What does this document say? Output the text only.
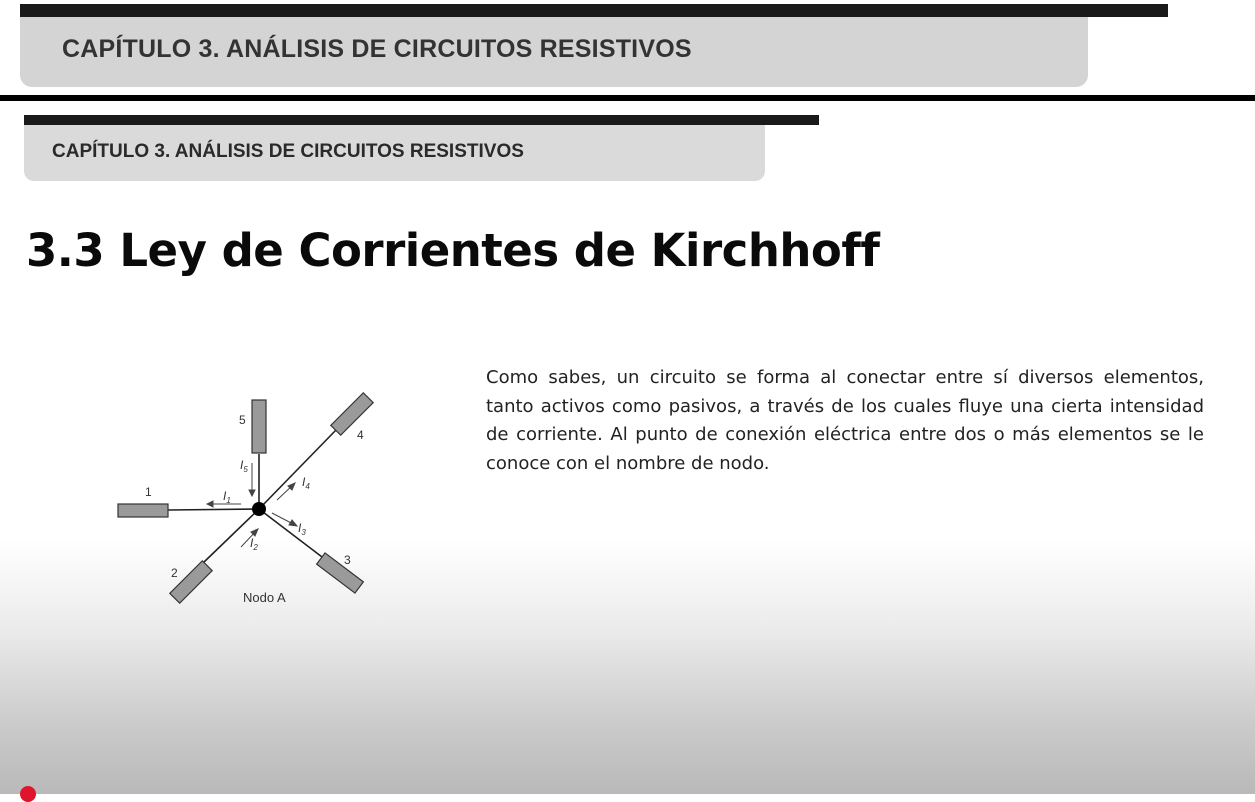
CAPÍTULO 3. ANÁLISIS DE CIRCUITOS RESISTIVOS
CAPÍTULO 3. ANÁLISIS DE CIRCUITOS RESISTIVOS
3.3 Ley de Corrientes de Kirchhoff
1
2
3
4
5
$I_1$
$I_2$
$I_3$
$I_4$
$I_5$
Nodo A

Como sabes, un circuito se forma al conectar entre sí diversos elementos, tanto activos como pasivos, a través de los cuales fluye una cierta intensidad de corriente. Al punto de conexión eléctrica entre dos o más elementos se le conoce con el nombre de nodo.
